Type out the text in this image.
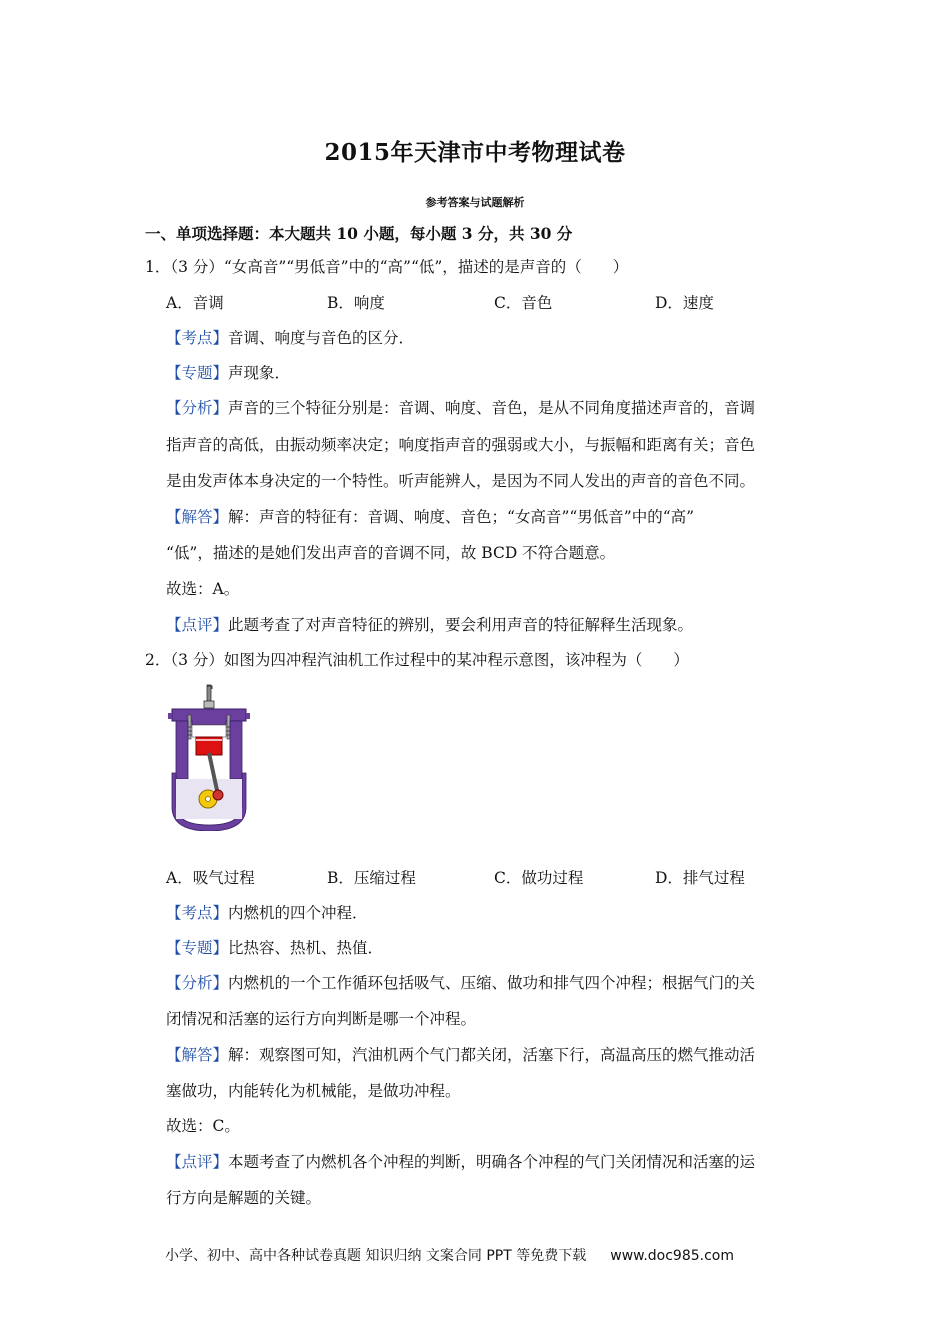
2015年天津市中考物理试卷
参考答案与试题解析
一、单项选择题：本大题共 10 小题，每小题 3 分，共 30 分
1．（3 分）“女高音”“男低音”中的“高”“低”，描述的是声音的（　　）
A．音调	B．响度	C．音色	D．速度
【考点】音调、响度与音色的区分．
【专题】声现象．
【分析】声音的三个特征分别是：音调、响度、音色，是从不同角度描述声音的，音调
指声音的高低，由振动频率决定；响度指声音的强弱或大小，与振幅和距离有关；音色
是由发声体本身决定的一个特性。听声能辨人，是因为不同人发出的声音的音色不同。
【解答】解：声音的特征有：音调、响度、音色；“女高音”“男低音”中的“高”
“低”，描述的是她们发出声音的音调不同，故 BCD 不符合题意。
故选：A。
【点评】此题考查了对声音特征的辨别，要会利用声音的特征解释生活现象。
2．（3 分）如图为四冲程汽油机工作过程中的某冲程示意图，该冲程为（　　）
A．吸气过程	B．压缩过程	C．做功过程	D．排气过程
【考点】内燃机的四个冲程．
【专题】比热容、热机、热值．
【分析】内燃机的一个工作循环包括吸气、压缩、做功和排气四个冲程；根据气门的关
闭情况和活塞的运行方向判断是哪一个冲程。
【解答】解：观察图可知，汽油机两个气门都关闭，活塞下行，高温高压的燃气推动活
塞做功，内能转化为机械能，是做功冲程。
故选：C。
【点评】本题考查了内燃机各个冲程的判断，明确各个冲程的气门关闭情况和活塞的运
行方向是解题的关键。
小学、初中、高中各种试卷真题 知识归纳 文案合同 PPT 等免费下载 www.doc985.com
